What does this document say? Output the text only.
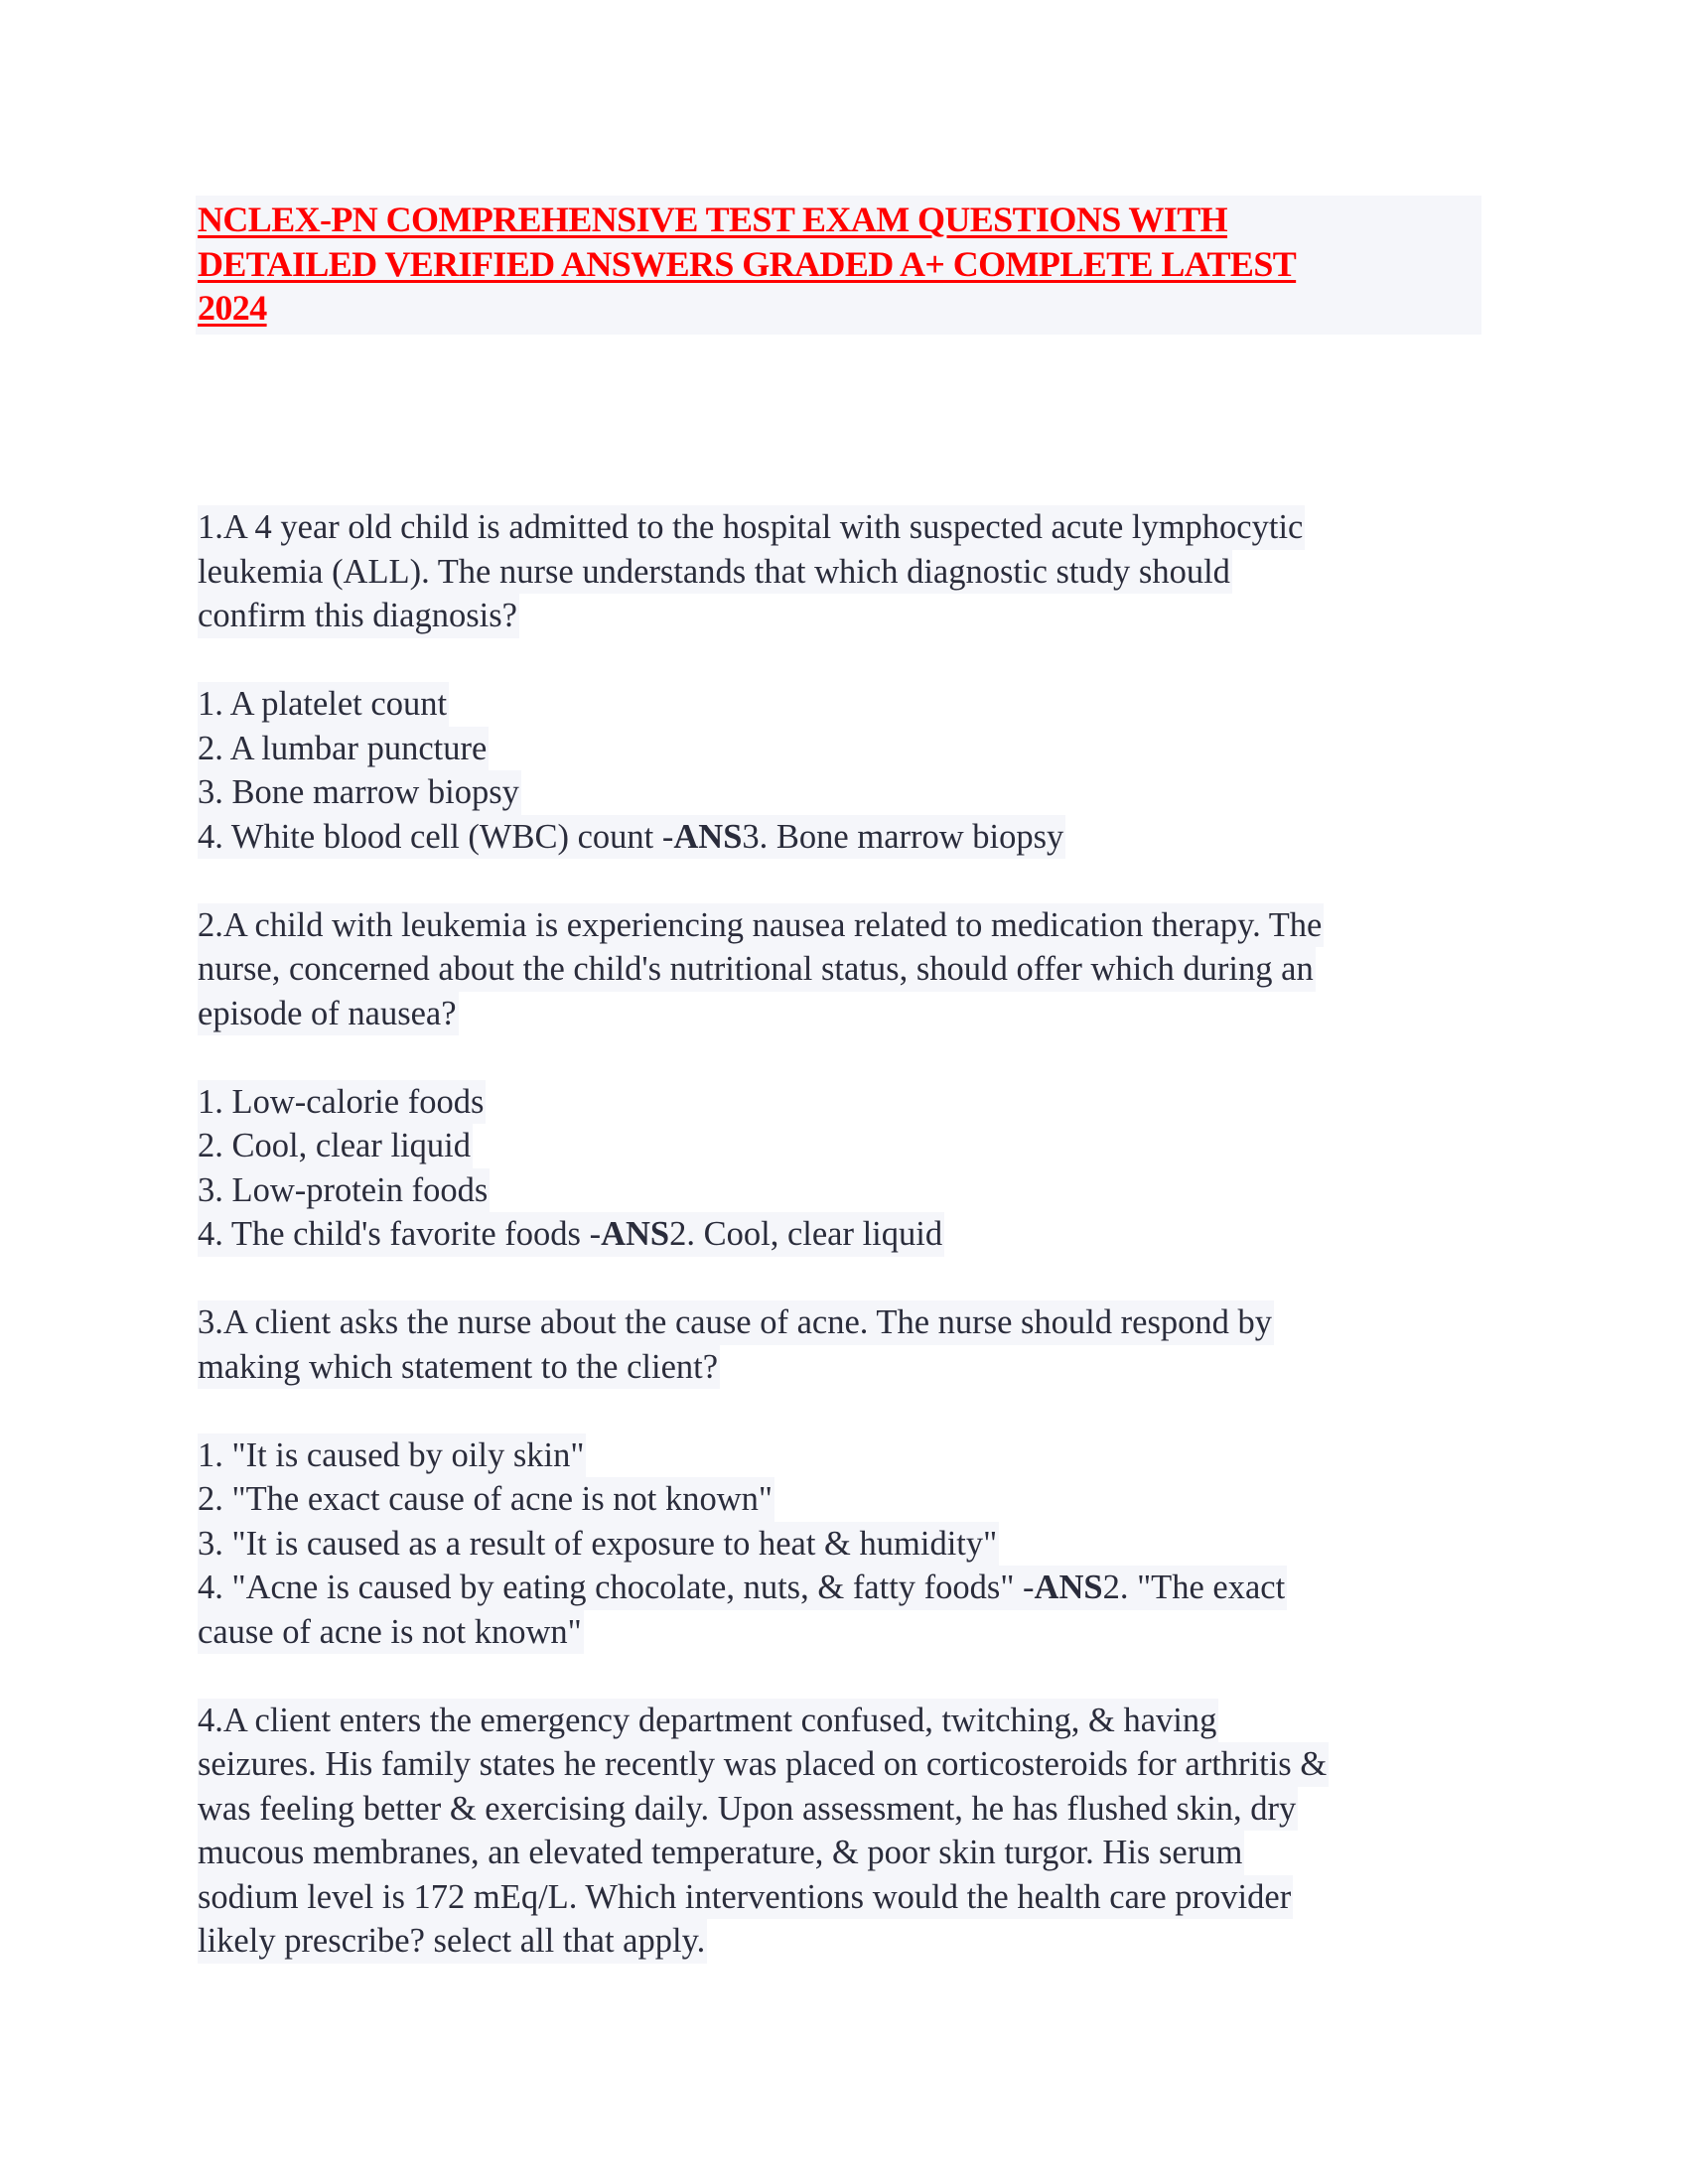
NCLEX-PN COMPREHENSIVE TEST EXAM QUESTIONS WITH
DETAILED VERIFIED ANSWERS GRADED A+ COMPLETE LATEST
2024
1.A 4 year old child is admitted to the hospital with suspected acute lymphocytic
leukemia (ALL). The nurse understands that which diagnostic study should
confirm this diagnosis?
1. A platelet count
2. A lumbar puncture
3. Bone marrow biopsy
4. White blood cell (WBC) count -ANS3. Bone marrow biopsy
2.A child with leukemia is experiencing nausea related to medication therapy. The
nurse, concerned about the child's nutritional status, should offer which during an
episode of nausea?
1. Low-calorie foods
2. Cool, clear liquid
3. Low-protein foods
4. The child's favorite foods -ANS2. Cool, clear liquid
3.A client asks the nurse about the cause of acne. The nurse should respond by
making which statement to the client?
1. "It is caused by oily skin"
2. "The exact cause of acne is not known"
3. "It is caused as a result of exposure to heat & humidity"
4. "Acne is caused by eating chocolate, nuts, & fatty foods" -ANS2. "The exact
cause of acne is not known"
4.A client enters the emergency department confused, twitching, & having
seizures. His family states he recently was placed on corticosteroids for arthritis &
was feeling better & exercising daily. Upon assessment, he has flushed skin, dry
mucous membranes, an elevated temperature, & poor skin turgor. His serum
sodium level is 172 mEq/L. Which interventions would the health care provider
likely prescribe? select all that apply.
